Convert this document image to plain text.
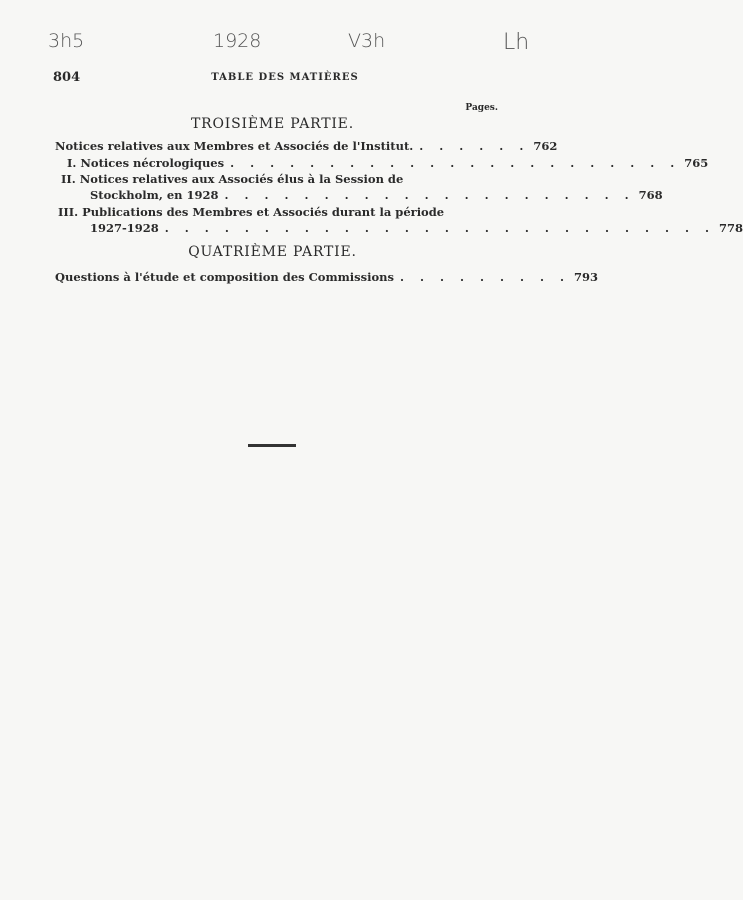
3h5	1928	V3h	Lh
804	TABLE DES MATIÈRES
Pages.
TROISIÈME PARTIE.
Notices relatives aux Membres et Associés de l'Institut. . . . . . . 762
I. Notices nécrologiques . . . . . . . . . . . . . . . . . . . . . . . 765
II. Notices relatives aux Associés élus à la Session de
Stockholm, en 1928 . . . . . . . . . . . . . . . . . . . . . 768
III. Publications des Membres et Associés durant la période
1927-1928 . . . . . . . . . . . . . . . . . . . . . . . . . . . . 778
QUATRIÈME PARTIE.
Questions à l'étude et composition des Commissions . . . . . . . . . 793
